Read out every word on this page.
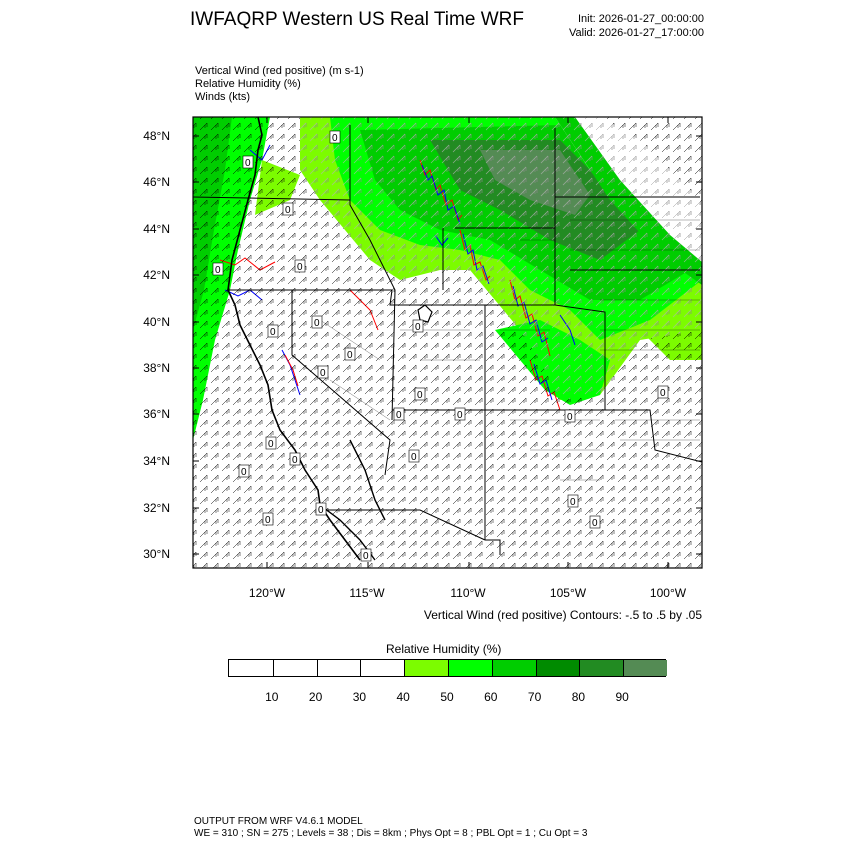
IWFAQRP Western US Real Time WRF	Init: 2026-01-27_00:00:00
Valid: 2026-01-27_17:00:00
Vertical Wind (red positive) (m s-1)
Relative Humidity (%)
Winds (kts)
0
0
0
0	0
0
0
0
0
0
0
0	0
0
0
0
0
0
0
0
0
0
0
0
48°N
46°N
44°N
42°N
40°N
38°N
36°N
34°N
32°N
30°N
120°W	115°W	110°W	105°W	100°W
Vertical Wind (red positive) Contours: -.5 to .5 by .05
Relative Humidity (%)
10	20	30	40	50	60	70	80	90
OUTPUT FROM WRF V4.6.1 MODEL
WE = 310 ; SN = 275 ; Levels = 38 ; Dis = 8km ; Phys Opt = 8 ; PBL Opt = 1 ; Cu Opt = 3
